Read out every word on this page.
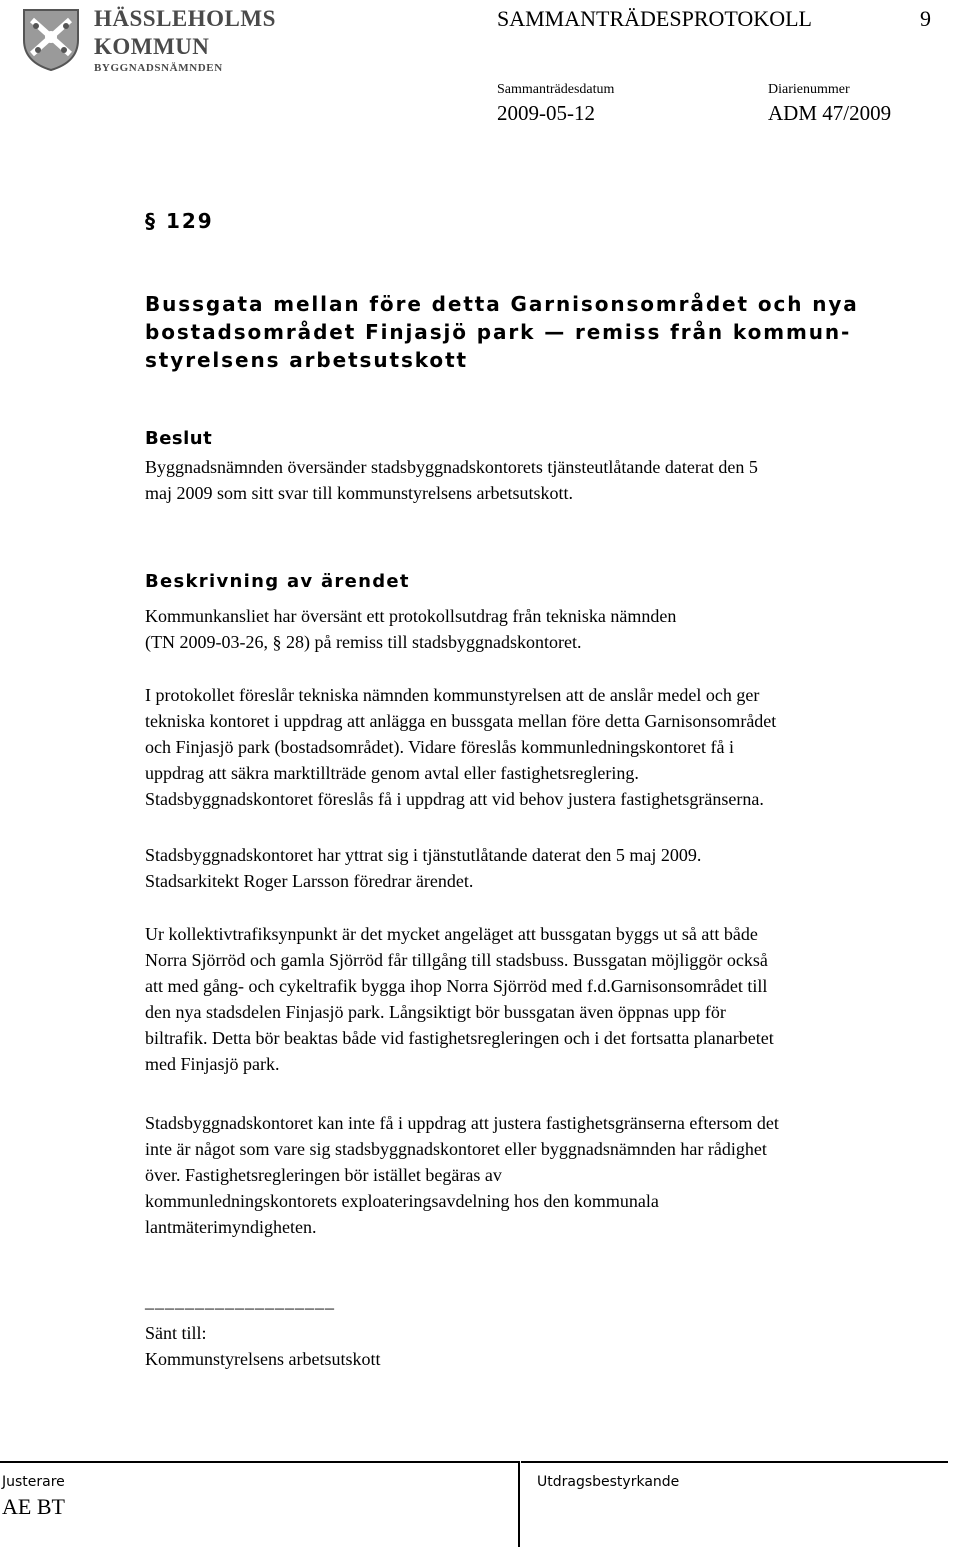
HÄSSLEHOLMS
KOMMUN
BYGGNADSNÄMNDEN
SAMMANTRÄDESPROTOKOLL	9
Sammanträdesdatum	Diarienummer
2009-05-12	ADM 47/2009
§ 129
Bussgata mellan före detta Garnisonsområdet och nya
bostadsområdet Finjasjö park — remiss från kommun-
styrelsens arbetsutskott
Beslut
Byggnadsnämnden översänder stadsbyggnadskontorets tjänsteutlåtande daterat den 5
maj 2009 som sitt svar till kommunstyrelsens arbetsutskott.
Beskrivning av ärendet
Kommunkansliet har översänt ett protokollsutdrag från tekniska nämnden
(TN 2009-03-26, § 28) på remiss till stadsbyggnadskontoret.
I protokollet föreslår tekniska nämnden kommunstyrelsen att de anslår medel och ger
tekniska kontoret i uppdrag att anlägga en bussgata mellan före detta Garnisonsområdet
och Finjasjö park (bostadsområdet). Vidare föreslås kommunledningskontoret få i
uppdrag att säkra marktillträde genom avtal eller fastighetsreglering.
Stadsbyggnadskontoret föreslås få i uppdrag att vid behov justera fastighetsgränserna.
Stadsbyggnadskontoret har yttrat sig i tjänstutlåtande daterat den 5 maj 2009.
Stadsarkitekt Roger Larsson föredrar ärendet.
Ur kollektivtrafiksynpunkt är det mycket angeläget att bussgatan byggs ut så att både
Norra Sjörröd och gamla Sjörröd får tillgång till stadsbuss. Bussgatan möjliggör också
att med gång- och cykeltrafik bygga ihop Norra Sjörröd med f.d.Garnisonsområdet till
den nya stadsdelen Finjasjö park. Långsiktigt bör bussgatan även öppnas upp för
biltrafik. Detta bör beaktas både vid fastighetsregleringen och i det fortsatta planarbetet
med Finjasjö park.
Stadsbyggnadskontoret kan inte få i uppdrag att justera fastighetsgränserna eftersom det
inte är något som vare sig stadsbyggnadskontoret eller byggnadsnämnden har rådighet
över. Fastighetsregleringen bör istället begäras av
kommunledningskontorets exploateringsavdelning hos den kommunala
lantmäterimyndigheten.
___________________
Sänt till:
Kommunstyrelsens arbetsutskott
Justerare
AE BT
Utdragsbestyrkande
